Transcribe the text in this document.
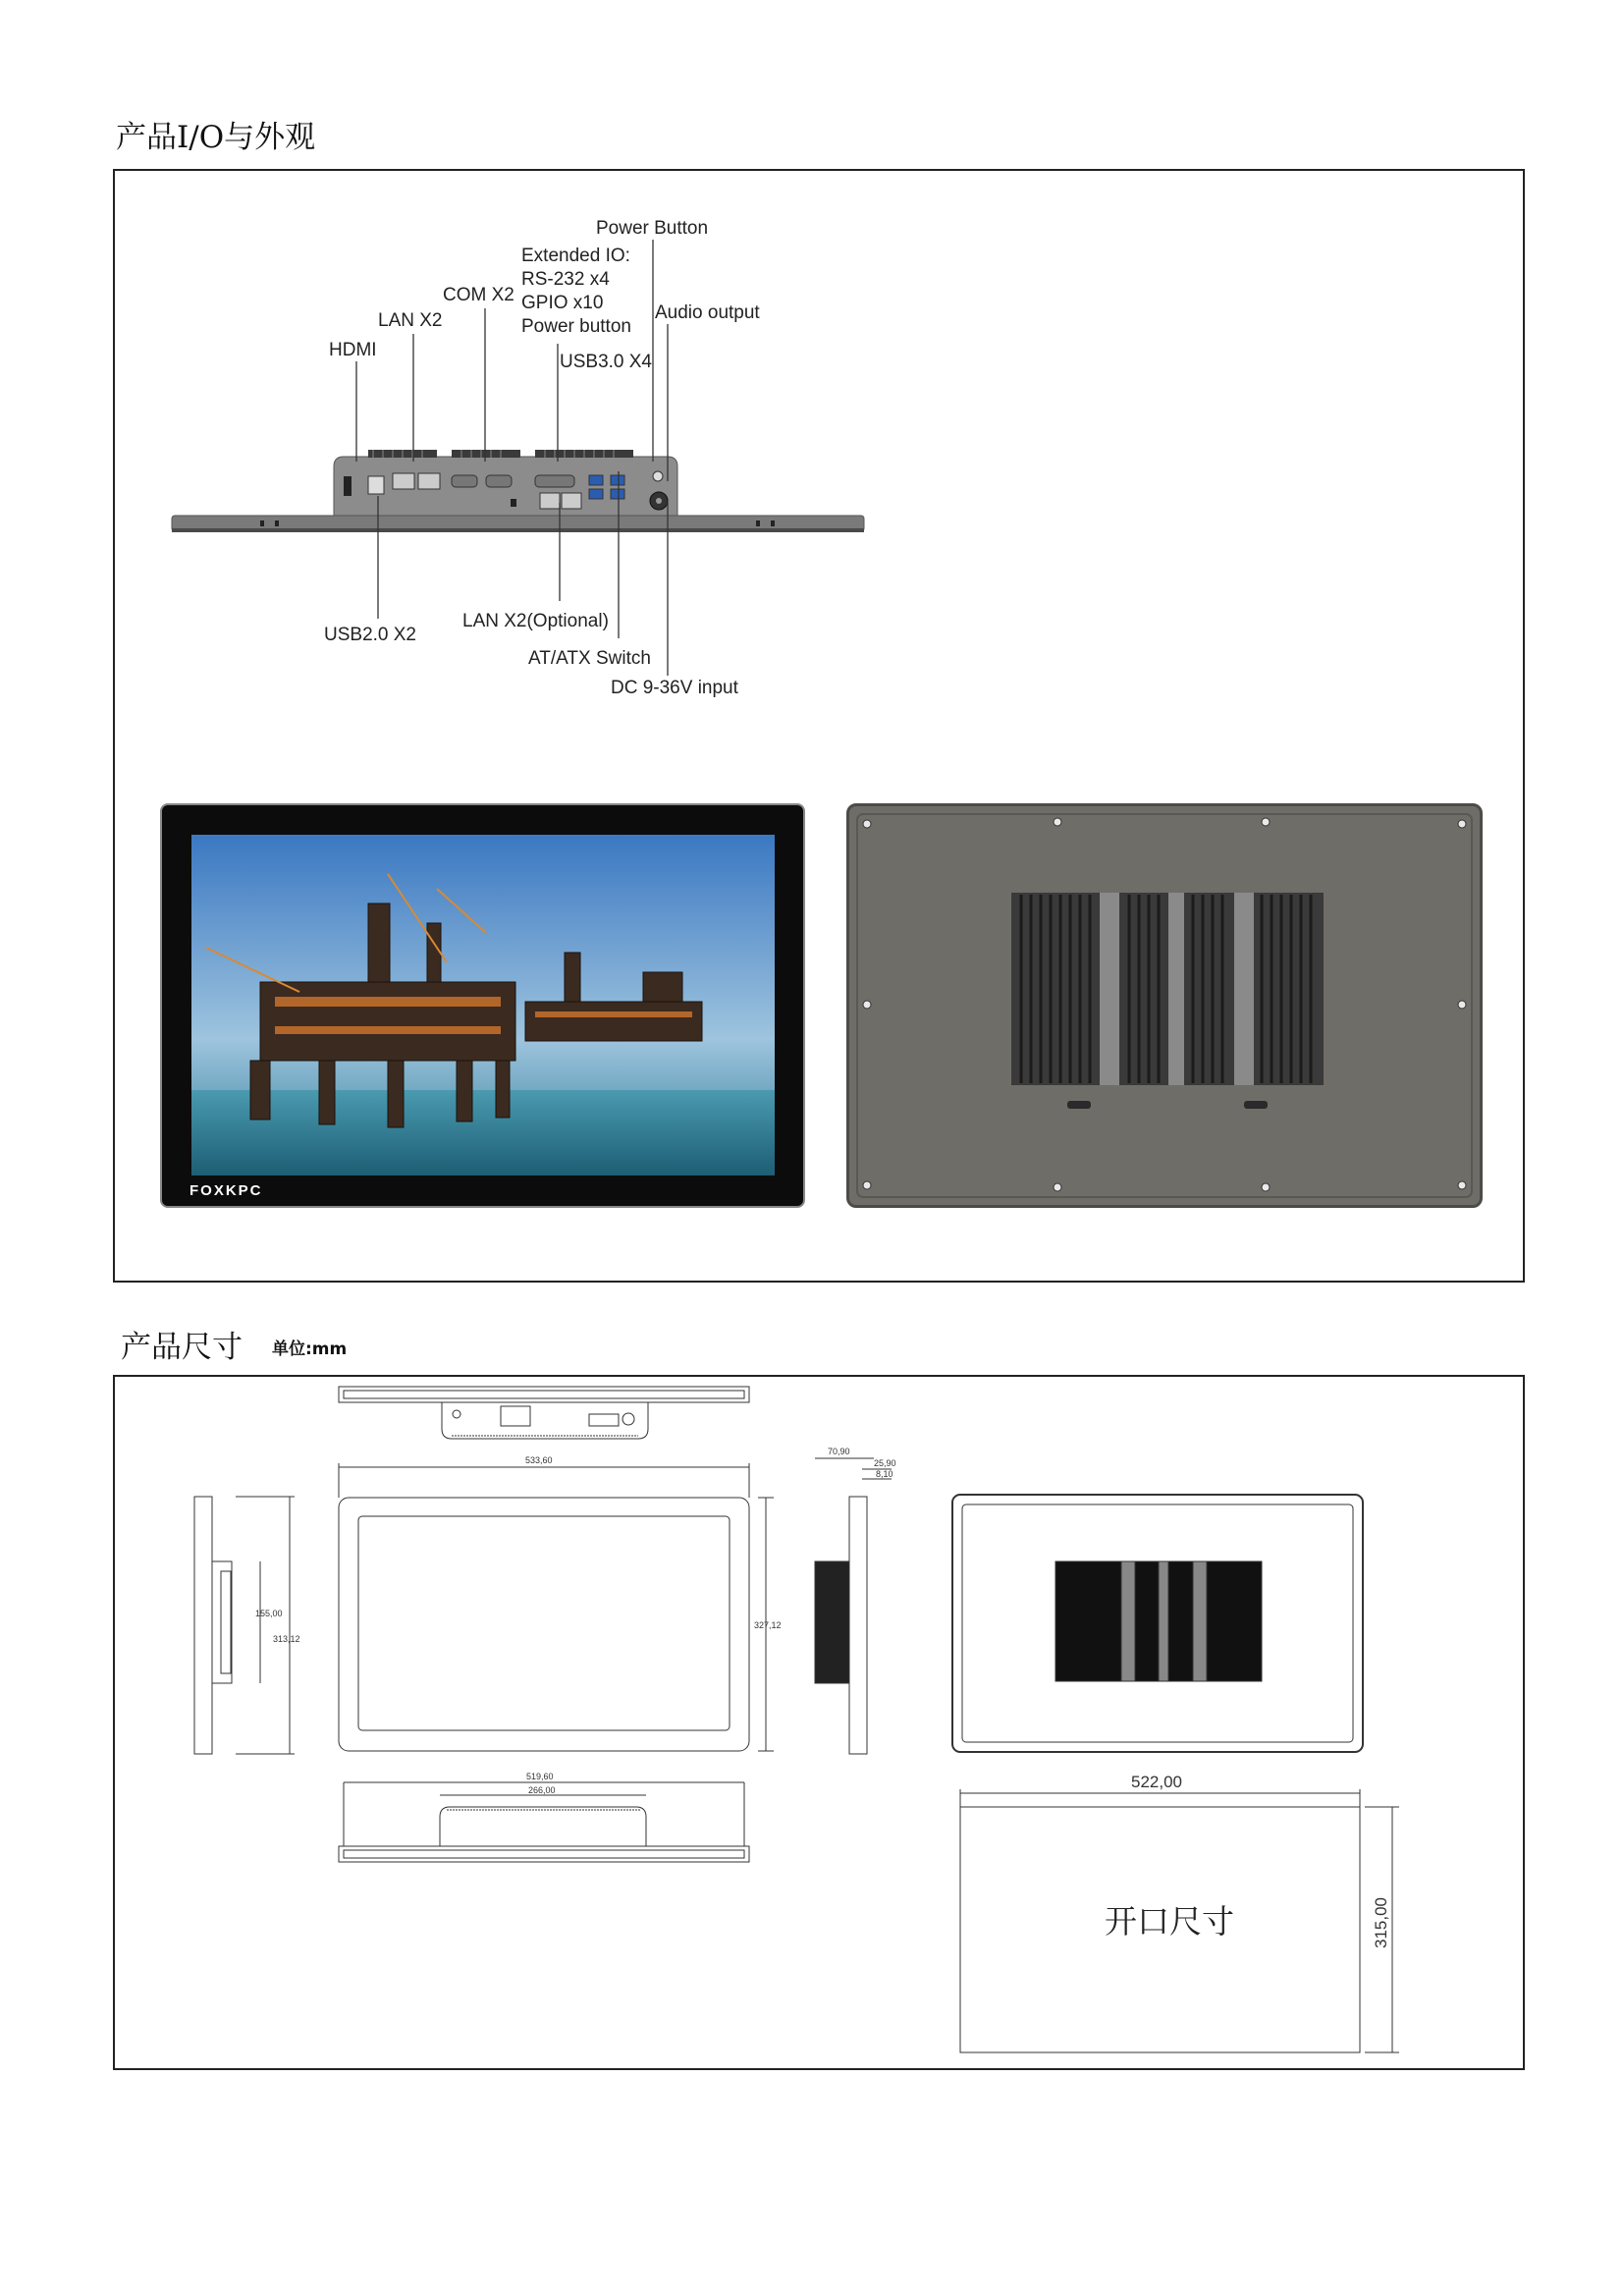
产品I/O与外观
Power Button
Extended IO:
RS-232 x4
GPIO x10
Power button
COM X2
LAN X2
HDMI
Audio output
USB3.0 X4
USB2.0 X2
LAN X2(Optional)
AT/ATX Switch
DC 9-36V input
FOXKPC
产品尺寸 单位:mm
533,60
327,12
70,90
25,90
8,10
155,00
313,12
519,60
266,00	522,00
315,00
开口尺寸
